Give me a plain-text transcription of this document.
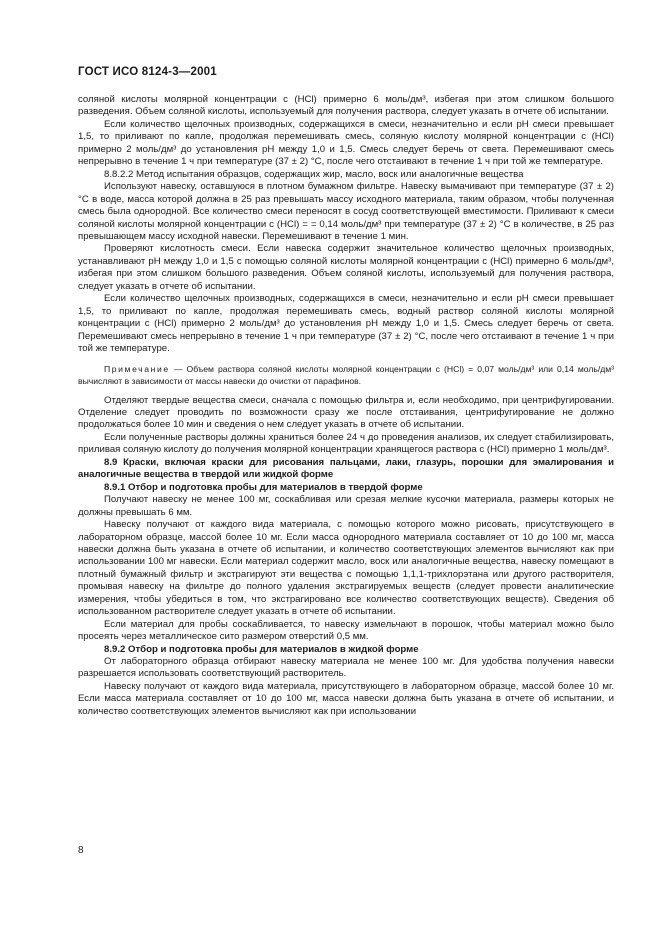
ГОСТ ИСО 8124-3—2001

соляной кислоты молярной концентрации c (HCl) примерно 6 моль/дм³, избегая при этом слишком большого разведения. Объем соляной кислоты, используемый для получения раствора, следует указать в отчете об испытании.

Если количество щелочных производных, содержащихся в смеси, незначительно и если pH смеси превышает 1,5, то приливают по капле, продолжая перемешивать смесь, соляную кислоту молярной концентрации c (HCl) примерно 2 моль/дм³ до установления pH между 1,0 и 1,5. Смесь следует беречь от света. Перемешивают смесь непрерывно в течение 1 ч при температуре (37 ± 2) °С, после чего отстаивают в течение 1 ч при той же температуре.

8.8.2.2 Метод испытания образцов, содержащих жир, масло, воск или аналогичные вещества

Используют навеску, оставшуюся в плотном бумажном фильтре. Навеску вымачивают при температуре (37 ± 2) °С в воде, масса которой должна в 25 раз превышать массу исходного материала, таким образом, чтобы полученная смесь была однородной. Все количество смеси переносят в сосуд соответствующей вместимости. Приливают к смеси соляной кислоты молярной концентрации c (HCl) = = 0,14 моль/дм³ при температуре (37 ± 2) °С в количестве, в 25 раз превышающем массу исходной навески. Перемешивают в течение 1 мин.

Проверяют кислотность смеси. Если навеска содержит значительное количество щелочных производных, устанавливают pH между 1,0 и 1,5 с помощью соляной кислоты молярной концентрации c (HCl) примерно 6 моль/дм³, избегая при этом слишком большого разведения. Объем соляной кислоты, используемый для получения раствора, следует указать в отчете об испытании.

Если количество щелочных производных, содержащихся в смеси, незначительно и если pH смеси превышает 1,5, то приливают по капле, продолжая перемешивать смесь, водный раствор соляной кислоты молярной концентрации c (HCl) примерно 2 моль/дм³ до установления pH между 1,0 и 1,5. Смесь следует беречь от света. Перемешивают смесь непрерывно в течение 1 ч при температуре (37 ± 2) °С, после чего отстаивают в течение 1 ч при той же температуре.

Примечание — Объем раствора соляной кислоты молярной концентрации c (HCl) = 0,07 моль/дм³ или 0,14 моль/дм³ вычисляют в зависимости от массы навески до очистки от парафинов.

Отделяют твердые вещества смеси, сначала с помощью фильтра и, если необходимо, при центрифугировании. Отделение следует проводить по возможности сразу же после отстаивания, центрифугирование не должно продолжаться более 10 мин и сведения о нем следует указать в отчете об испытании.

Если полученные растворы должны храниться более 24 ч до проведения анализов, их следует стабилизировать, приливая соляную кислоту до получения молярной концентрации хранящегося раствора c (HCl) примерно 1 моль/дм³.

8.9 Краски, включая краски для рисования пальцами, лаки, глазурь, порошки для эмалирования и аналогичные вещества в твердой или жидкой форме

8.9.1 Отбор и подготовка пробы для материалов в твердой форме

Получают навеску не менее 100 мг, соскабливая или срезая мелкие кусочки материала, размеры которых не должны превышать 6 мм.

Навеску получают от каждого вида материала, с помощью которого можно рисовать, присутствующего в лабораторном образце, массой более 10 мг. Если масса однородного материала составляет от 10 до 100 мг, масса навески должна быть указана в отчете об испытании, и количество соответствующих элементов вычисляют как при использовании 100 мг навески. Если материал содержит масло, воск или аналогичные вещества, навеску помещают в плотный бумажный фильтр и экстрагируют эти вещества с помощью 1,1,1-трихлорэтана или другого растворителя, промывая навеску на фильтре до полного удаления экстрагируемых веществ (следует провести аналитические измерения, чтобы убедиться в том, что экстрагировано все количество соответствующих веществ). Сведения об использованном растворителе следует указать в отчете об испытании.

Если материал для пробы соскабливается, то навеску измельчают в порошок, чтобы материал можно было просеять через металлическое сито размером отверстий 0,5 мм.

8.9.2 Отбор и подготовка пробы для материалов в жидкой форме

От лабораторного образца отбирают навеску материала не менее 100 мг. Для удобства получения навески разрешается использовать соответствующий растворитель.

Навеску получают от каждого вида материала, присутствующего в лабораторном образце, массой более 10 мг. Если масса материала составляет от 10 до 100 мг, масса навески должна быть указана в отчете об испытании, и количество соответствующих элементов вычисляют как при использовании

8
